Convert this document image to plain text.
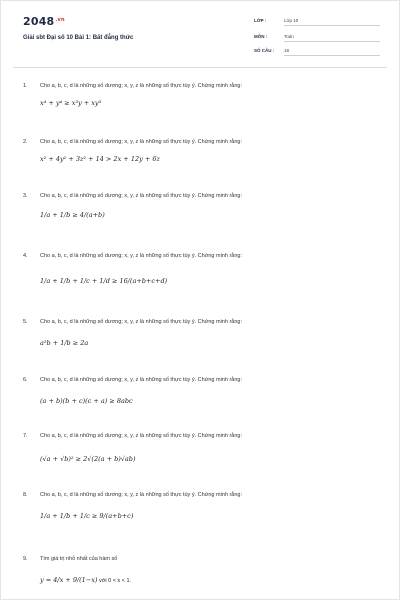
$2048^{.vn}$
Giải sbt Đại số 10 Bài 1: Bất đẳng thức
LỚP :	Lớp 10
MÔN :	Toán
SỐ CÂU : 18
1. Cho a, b, c, d là những số dương; x, y, z là những số thực tùy ý. Chứng minh rằng:
x⁴ + y⁴ ≥ x³y + xy³
2. Cho a, b, c, d là những số dương; x, y, z là những số thực tùy ý. Chứng minh rằng:
x² + 4y² + 3z² + 14 > 2x + 12y + 6z
3. Cho a, b, c, d là những số dương; x, y, z là những số thực tùy ý. Chứng minh rằng:
1/a + 1/b ≥ 4/(a+b)
4. Cho a, b, c, d là những số dương; x, y, z là những số thực tùy ý. Chứng minh rằng:
1/a + 1/b + 1/c + 1/d ≥ 16/(a+b+c+d)
5. Cho a, b, c, d là những số dương; x, y, z là những số thực tùy ý. Chứng minh rằng:
a²b + 1/b ≥ 2a
6. Cho a, b, c, d là những số dương; x, y, z là những số thực tùy ý. Chứng minh rằng:
(a + b)(b + c)(c + a) ≥ 8abc
7. Cho a, b, c, d là những số dương; x, y, z là những số thực tùy ý. Chứng minh rằng:
(√a + √b)² ≥ 2√(2(a + b)√ab)
8. Cho a, b, c, d là những số dương; x, y, z là những số thực tùy ý. Chứng minh rằng:
1/a + 1/b + 1/c ≥ 9/(a+b+c)
9. Tìm giá trị nhỏ nhất của hàm số
y = 4/x + 9/(1−x) với 0 < x < 1.
